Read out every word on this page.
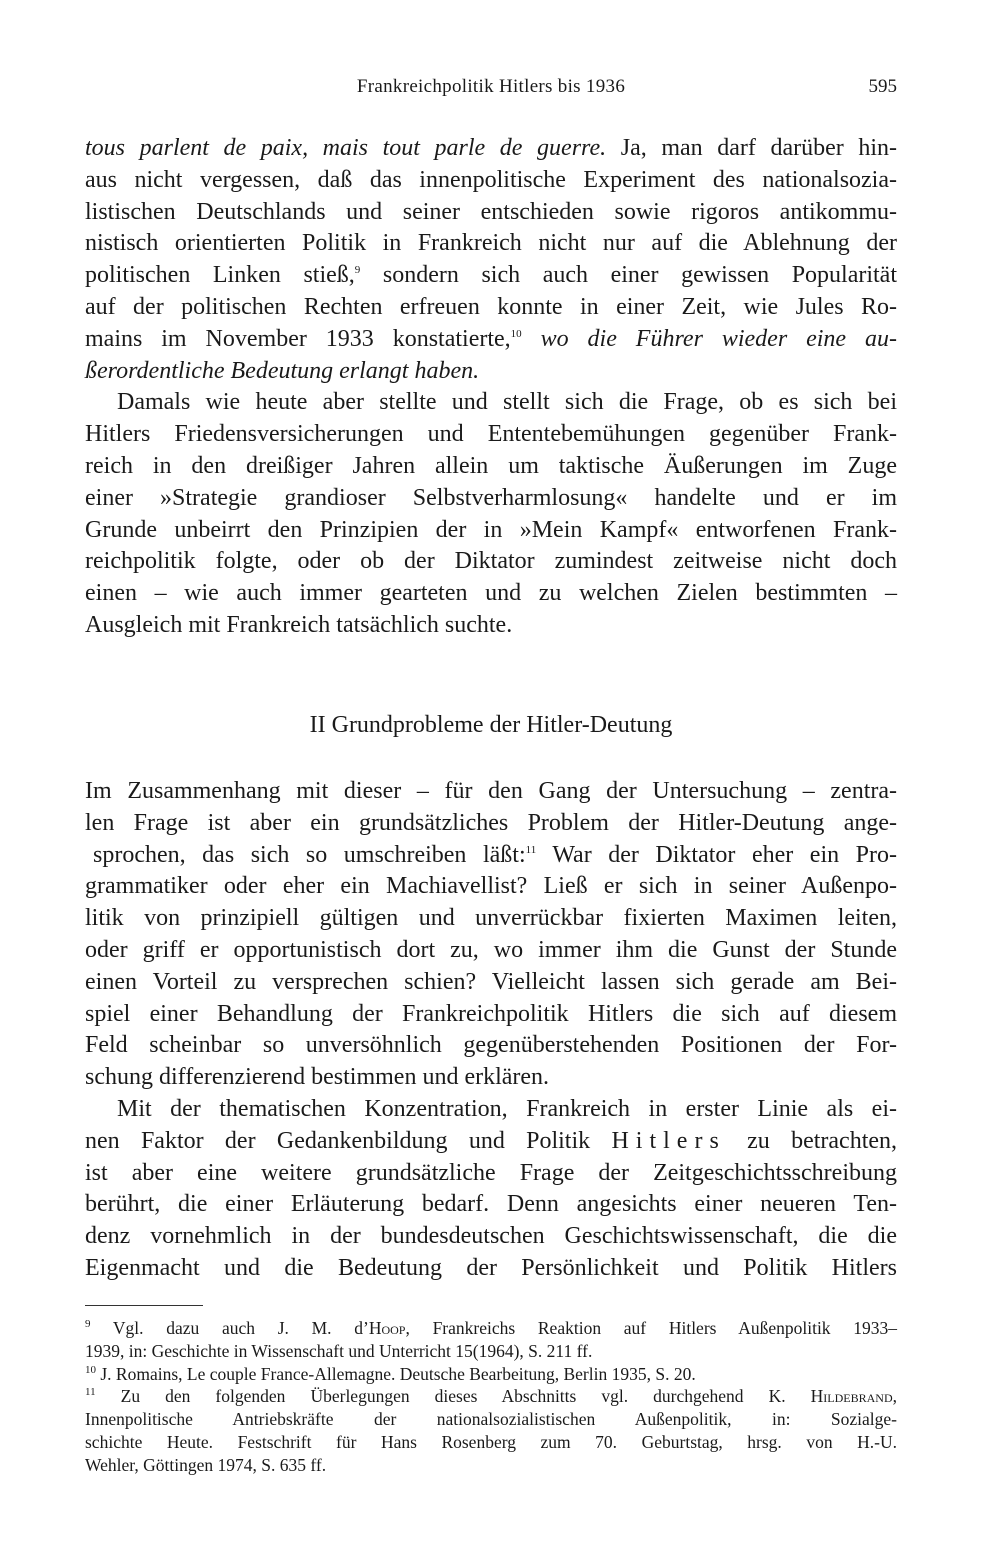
Frankreichpolitik Hitlers bis 1936	595
tous parlent de paix, mais tout parle de guerre. Ja, man darf darüber hin-
aus nicht vergessen, daß das innenpolitische Experiment des nationalsozia-
listischen Deutschlands und seiner entschieden sowie rigoros antikommu-
nistisch orientierten Politik in Frankreich nicht nur auf die Ablehnung der
politischen Linken stieß,$^9$ sondern sich auch einer gewissen Popularität
auf der politischen Rechten erfreuen konnte in einer Zeit, wie Jules Ro-
mains im November 1933 konstatierte,$^{10}$ wo die Führer wieder eine au-
ßerordentliche Bedeutung erlangt haben.
Damals wie heute aber stellte und stellt sich die Frage, ob es sich bei
Hitlers Friedensversicherungen und Ententebemühungen gegenüber Frank-
reich in den dreißiger Jahren allein um taktische Äußerungen im Zuge
einer »Strategie grandioser Selbstverharmlosung« handelte und er im
Grunde unbeirrt den Prinzipien der in »Mein Kampf« entworfenen Frank-
reichpolitik folgte, oder ob der Diktator zumindest zeitweise nicht doch
einen – wie auch immer gearteten und zu welchen Zielen bestimmten –
Ausgleich mit Frankreich tatsächlich suchte.
II Grundprobleme der Hitler-Deutung
Im Zusammenhang mit dieser – für den Gang der Untersuchung – zentra-
len Frage ist aber ein grundsätzliches Problem der Hitler-Deutung ange-
sprochen, das sich so umschreiben läßt:$^{11}$ War der Diktator eher ein Pro-
grammatiker oder eher ein Machiavellist? Ließ er sich in seiner Außenpo-
litik von prinzipiell gültigen und unverrückbar fixierten Maximen leiten,
oder griff er opportunistisch dort zu, wo immer ihm die Gunst der Stunde
einen Vorteil zu versprechen schien? Vielleicht lassen sich gerade am Bei-
spiel einer Behandlung der Frankreichpolitik Hitlers die sich auf diesem
Feld scheinbar so unversöhnlich gegenüberstehenden Positionen der For-
schung differenzierend bestimmen und erklären.
Mit der thematischen Konzentration, Frankreich in erster Linie als ei-
nen Faktor der Gedankenbildung und Politik Hitlers zu betrachten,
ist aber eine weitere grundsätzliche Frage der Zeitgeschichtsschreibung
berührt, die einer Erläuterung bedarf. Denn angesichts einer neueren Ten-
denz vornehmlich in der bundesdeutschen Geschichtswissenschaft, die die
Eigenmacht und die Bedeutung der Persönlichkeit und Politik Hitlers
$^9$ Vgl. dazu auch J. M. d’Hoop, Frankreichs Reaktion auf Hitlers Außenpolitik 1933–
1939, in: Geschichte in Wissenschaft und Unterricht 15(1964), S. 211 ff.
$^{10}$ J. Romains, Le couple France-Allemagne. Deutsche Bearbeitung, Berlin 1935, S. 20.
$^{11}$ Zu den folgenden Überlegungen dieses Abschnitts vgl. durchgehend K. Hildebrand,
Innenpolitische Antriebskräfte der nationalsozialistischen Außenpolitik, in: Sozialge-
schichte Heute. Festschrift für Hans Rosenberg zum 70. Geburtstag, hrsg. von H.-U.
Wehler, Göttingen 1974, S. 635 ff.
